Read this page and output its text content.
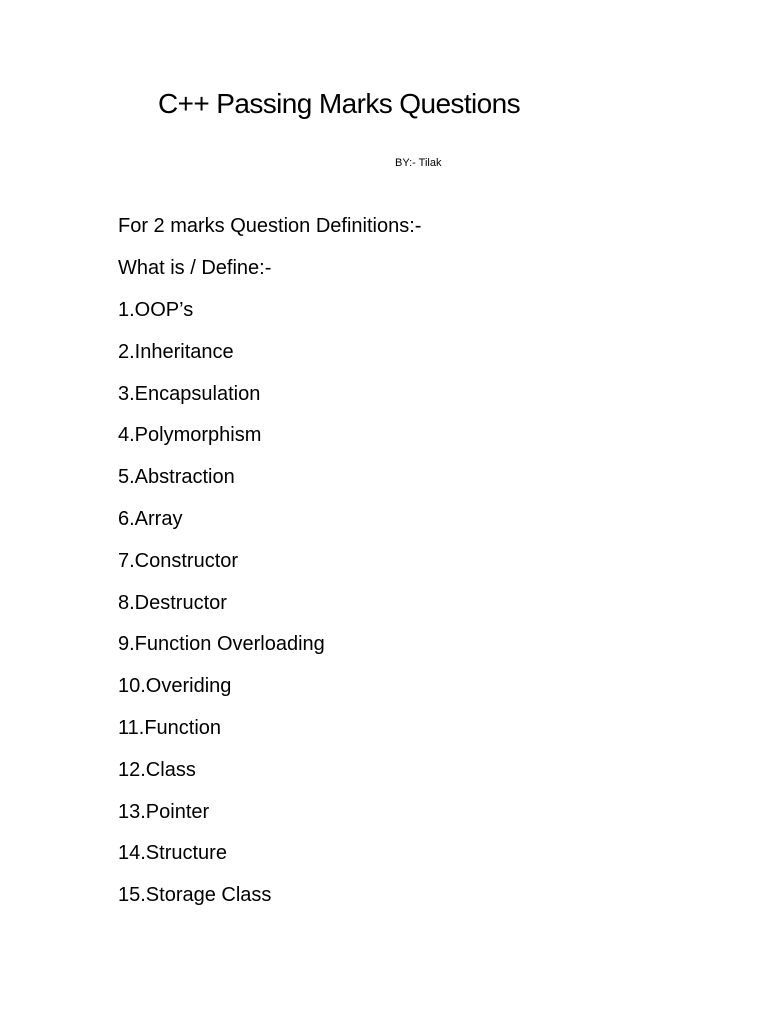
C++ Passing Marks Questions
BY:- Tilak
For 2 marks Question Definitions:-
What is / Define:-
1.OOP’s
2.Inheritance
3.Encapsulation
4.Polymorphism
5.Abstraction
6.Array
7.Constructor
8.Destructor
9.Function Overloading
10.Overiding
11.Function
12.Class
13.Pointer
14.Structure
15.Storage Class
